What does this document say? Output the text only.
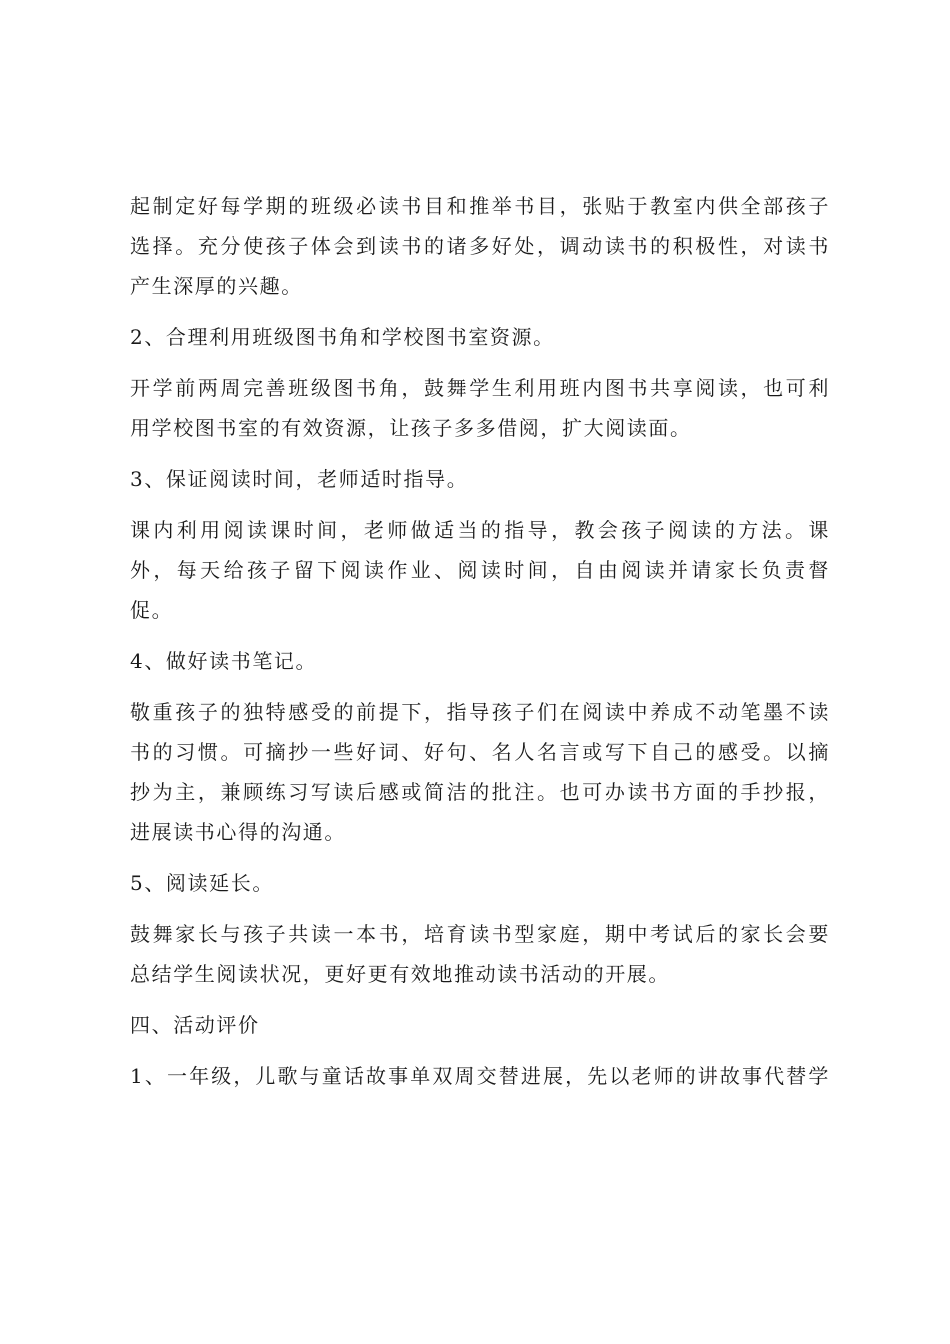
起制定好每学期的班级必读书目和推举书目，张贴于教室内供全部孩子
选择。充分使孩子体会到读书的诸多好处，调动读书的积极性，对读书
产生深厚的兴趣。
2、合理利用班级图书角和学校图书室资源。
开学前两周完善班级图书角，鼓舞学生利用班内图书共享阅读，也可利
用学校图书室的有效资源，让孩子多多借阅，扩大阅读面。
3、保证阅读时间，老师适时指导。
课内利用阅读课时间，老师做适当的指导，教会孩子阅读的方法。课
外，每天给孩子留下阅读作业、阅读时间，自由阅读并请家长负责督
促。
4、做好读书笔记。
敬重孩子的独特感受的前提下，指导孩子们在阅读中养成不动笔墨不读
书的习惯。可摘抄一些好词、好句、名人名言或写下自己的感受。以摘
抄为主，兼顾练习写读后感或简洁的批注。也可办读书方面的手抄报，
进展读书心得的沟通。
5、阅读延长。
鼓舞家长与孩子共读一本书，培育读书型家庭，期中考试后的家长会要
总结学生阅读状况，更好更有效地推动读书活动的开展。
四、活动评价
1、一年级，儿歌与童话故事单双周交替进展，先以老师的讲故事代替学
